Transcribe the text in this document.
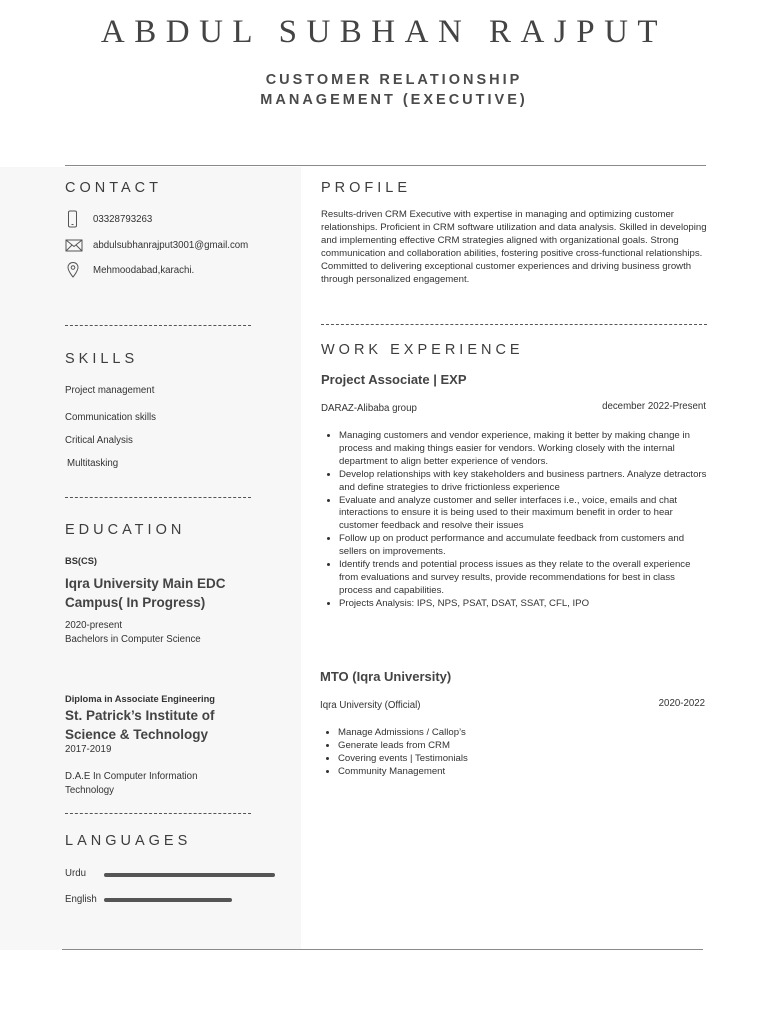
ABDUL SUBHAN RAJPUT
CUSTOMER RELATIONSHIP
MANAGEMENT (EXECUTIVE)
CONTACT
03328793263
abdulsubhanrajput3001@gmail.com
Mehmoodabad,karachi.
SKILLS
Project management
Communication skills
Critical Analysis
Multitasking
EDUCATION
BS(CS)
Iqra University Main EDC Campus( In Progress)
2020-present
Bachelors in Computer Science
Diploma in Associate Engineering
St. Patrick’s Institute of Science & Technology
2017-2019
D.A.E In Computer Information Technology
LANGUAGES
Urdu
English
PROFILE
Results-driven CRM Executive with expertise in managing and optimizing customer relationships. Proficient in CRM software utilization and data analysis. Skilled in developing and implementing effective CRM strategies aligned with organizational goals. Strong communication and collaboration abilities, fostering positive cross-functional relationships. Committed to delivering exceptional customer experiences and driving business growth through personalized engagement.
WORK EXPERIENCE
Project Associate | EXP
DARAZ-Alibaba group	december 2022-Present
• Managing customers and vendor experience, making it better by making change in process and making things easier for vendors. Working closely with the internal department to align better experience of vendors.
• Develop relationships with key stakeholders and business partners. Analyze detractors and define strategies to drive frictionless experience
• Evaluate and analyze customer and seller interfaces i.e., voice, emails and chat interactions to ensure it is being used to their maximum benefit in order to hear customer feedback and resolve their issues
• Follow up on product performance and accumulate feedback from customers and sellers on improvements.
• Identify trends and potential process issues as they relate to the overall experience from evaluations and survey results, provide recommendations for best in class process and capabilities.
• Projects Analysis: IPS, NPS, PSAT, DSAT, SSAT, CFL, IPO
MTO (Iqra University)
Iqra University (Official)	2020-2022
• Manage Admissions / Callop’s
• Generate leads from CRM
• Covering events | Testimonials
• Community Management
